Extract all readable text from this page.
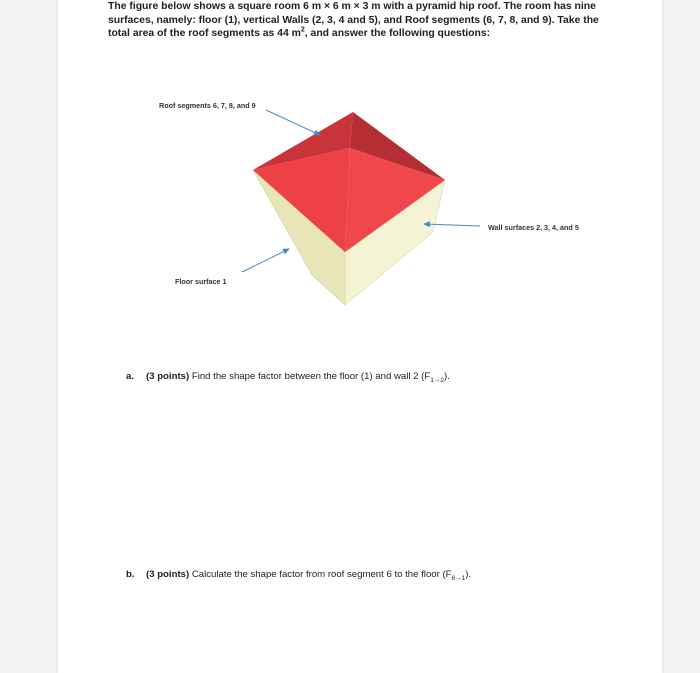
The figure below shows a square room 6 m × 6 m × 3 m with a pyramid hip roof. The room has nine
surfaces, namely: floor (1), vertical Walls (2, 3, 4 and 5), and Roof segments (6, 7, 8, and 9). Take the
total area of the roof segments as 44 $m^2$, and answer the following questions:
Roof segments 6, 7, 8, and 9
Wall surfaces 2, 3, 4, and 5
Floor surface 1
a. (3 points) Find the shape factor between the floor (1) and wall 2 $(F_{1\to 2})$.
b. (3 points) Calculate the shape factor from roof segment 6 to the floor $(F_{6\to 1})$.
